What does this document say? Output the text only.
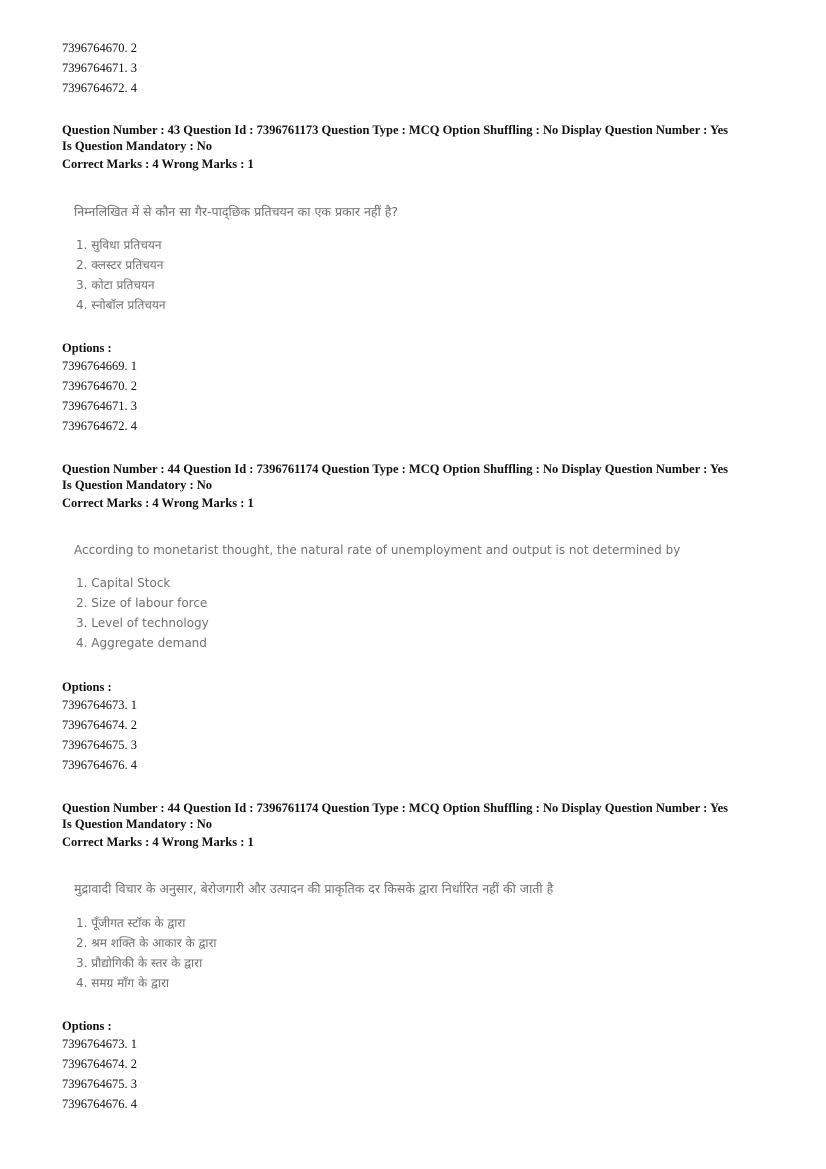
7396764670. 2
7396764671. 3
7396764672. 4
Question Number : 43 Question Id : 7396761173 Question Type : MCQ Option Shuffling : No Display Question Number : Yes
Is Question Mandatory : No
Correct Marks : 4 Wrong Marks : 1
निम्नलिखित में से कौन सा गैर-पाद्छिक प्रतिचयन का एक प्रकार नहीं है?
1. सुविधा प्रतिचयन
2. क्लस्टर प्रतिचयन
3. कोटा प्रतिचयन
4. स्नोबॉल प्रतिचयन
Options :
7396764669. 1
7396764670. 2
7396764671. 3
7396764672. 4
Question Number : 44 Question Id : 7396761174 Question Type : MCQ Option Shuffling : No Display Question Number : Yes
Is Question Mandatory : No
Correct Marks : 4 Wrong Marks : 1
According to monetarist thought, the natural rate of unemployment and output is not determined by
1. Capital Stock
2. Size of labour force
3. Level of technology
4. Aggregate demand
Options :
7396764673. 1
7396764674. 2
7396764675. 3
7396764676. 4
Question Number : 44 Question Id : 7396761174 Question Type : MCQ Option Shuffling : No Display Question Number : Yes
Is Question Mandatory : No
Correct Marks : 4 Wrong Marks : 1
मुद्रावादी विचार के अनुसार, बेरोजगारी और उत्पादन की प्राकृतिक दर किसके द्वारा निर्धारित नहीं की जाती है
1. पूँजीगत स्टॉक के द्वारा
2. श्रम शक्ति के आकार के द्वारा
3. प्रौद्योगिकी के स्तर के द्वारा
4. समग्र माँग के द्वारा
Options :
7396764673. 1
7396764674. 2
7396764675. 3
7396764676. 4
